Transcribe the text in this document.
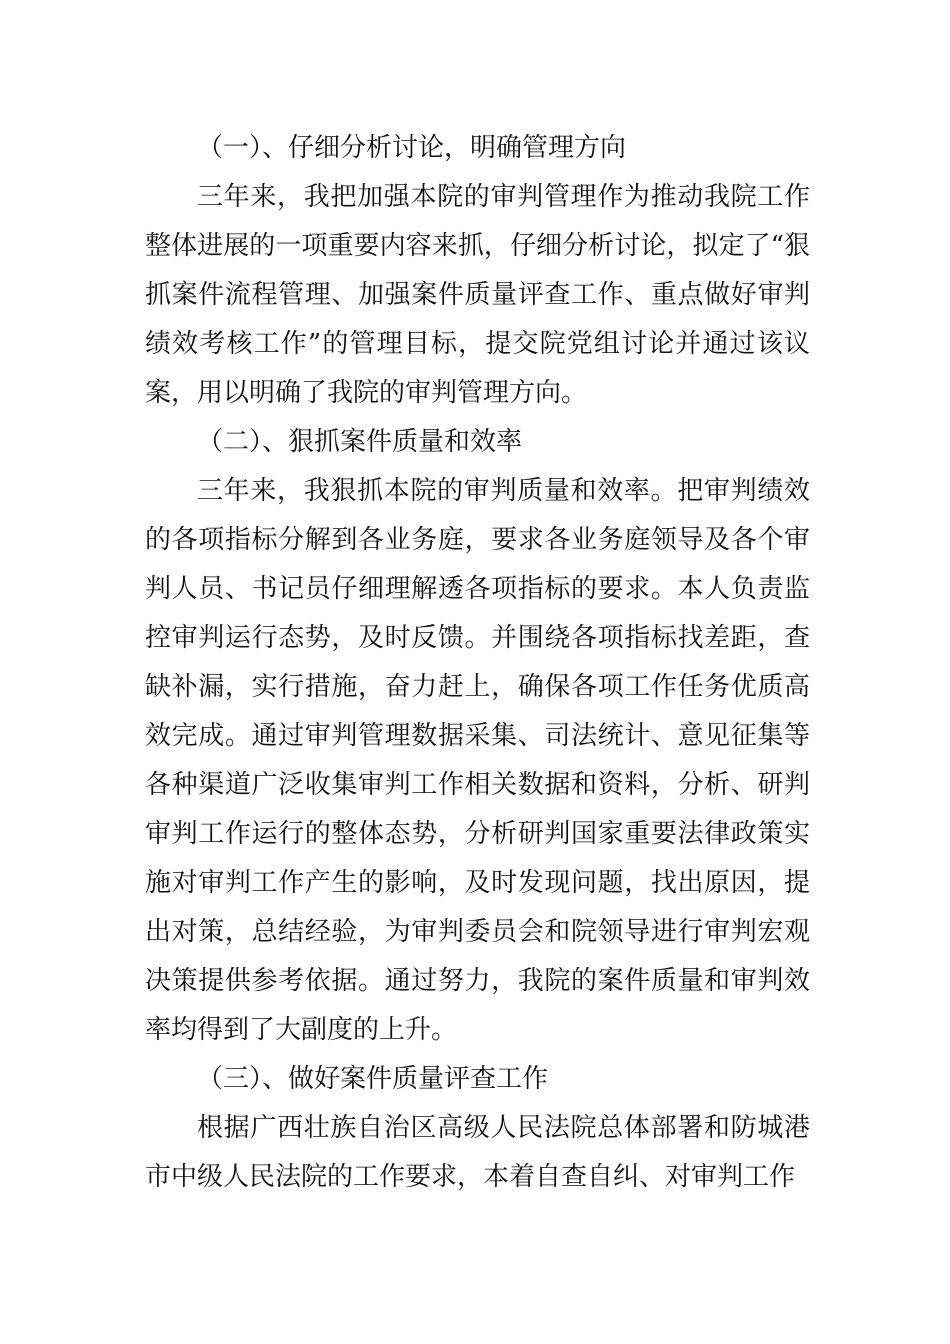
（一）、仔细分析讨论，明确管理方向

三年来，我把加强本院的审判管理作为推动我院工作整体进展的一项重要内容来抓，仔细分析讨论，拟定了“狠抓案件流程管理、加强案件质量评查工作、重点做好审判绩效考核工作”的管理目标，提交院党组讨论并通过该议案，用以明确了我院的审判管理方向。

（二）、狠抓案件质量和效率

三年来，我狠抓本院的审判质量和效率。把审判绩效的各项指标分解到各业务庭，要求各业务庭领导及各个审判人员、书记员仔细理解透各项指标的要求。本人负责监控审判运行态势，及时反馈。并围绕各项指标找差距，查缺补漏，实行措施，奋力赶上，确保各项工作任务优质高效完成。通过审判管理数据采集、司法统计、意见征集等各种渠道广泛收集审判工作相关数据和资料，分析、研判审判工作运行的整体态势，分析研判国家重要法律政策实施对审判工作产生的影响，及时发现问题，找出原因，提出对策，总结经验，为审判委员会和院领导进行审判宏观决策提供参考依据。通过努力，我院的案件质量和审判效率均得到了大副度的上升。

（三）、做好案件质量评查工作

根据广西壮族自治区高级人民法院总体部署和防城港市中级人民法院的工作要求，本着自查自纠、对审判工作
